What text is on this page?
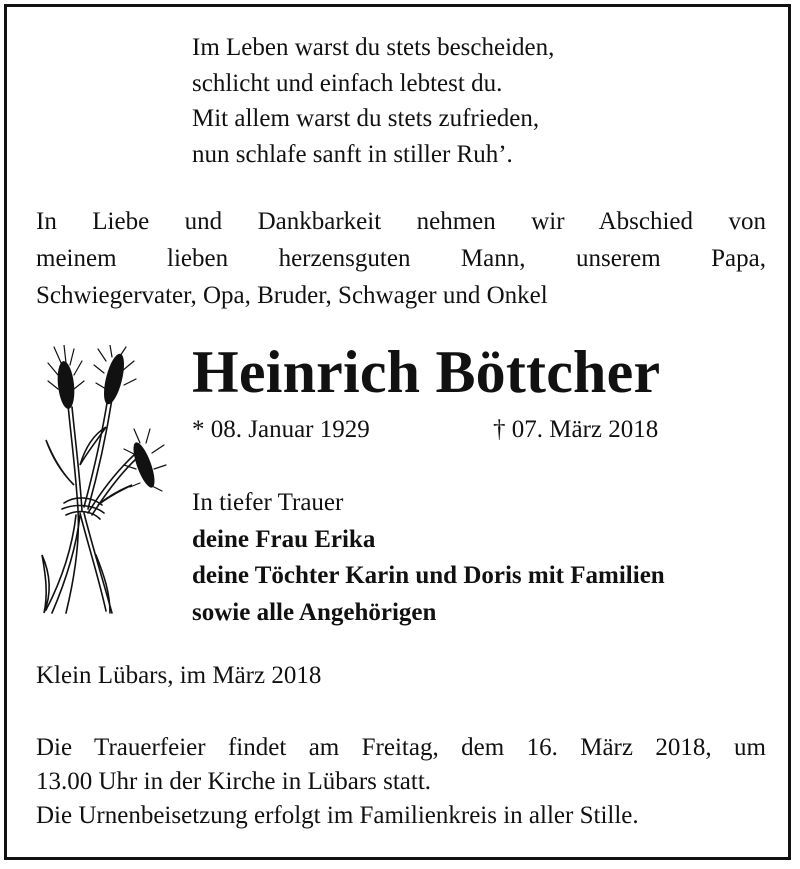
Im Leben warst du stets bescheiden,
schlicht und einfach lebtest du.
Mit allem warst du stets zufrieden,
nun schlafe sanft in stiller Ruh’.
In Liebe und Dankbarkeit nehmen wir Abschied von
meinem lieben herzensguten Mann, unserem Papa,
Schwiegervater, Opa, Bruder, Schwager und Onkel
Heinrich Böttcher
* 08. Januar 1929	† 07. März 2018
In tiefer Trauer
deine Frau Erika
deine Töchter Karin und Doris mit Familien
sowie alle Angehörigen
Klein Lübars, im März 2018
Die Trauerfeier findet am Freitag, dem 16. März 2018, um
13.00 Uhr in der Kirche in Lübars statt.
Die Urnenbeisetzung erfolgt im Familienkreis in aller Stille.
